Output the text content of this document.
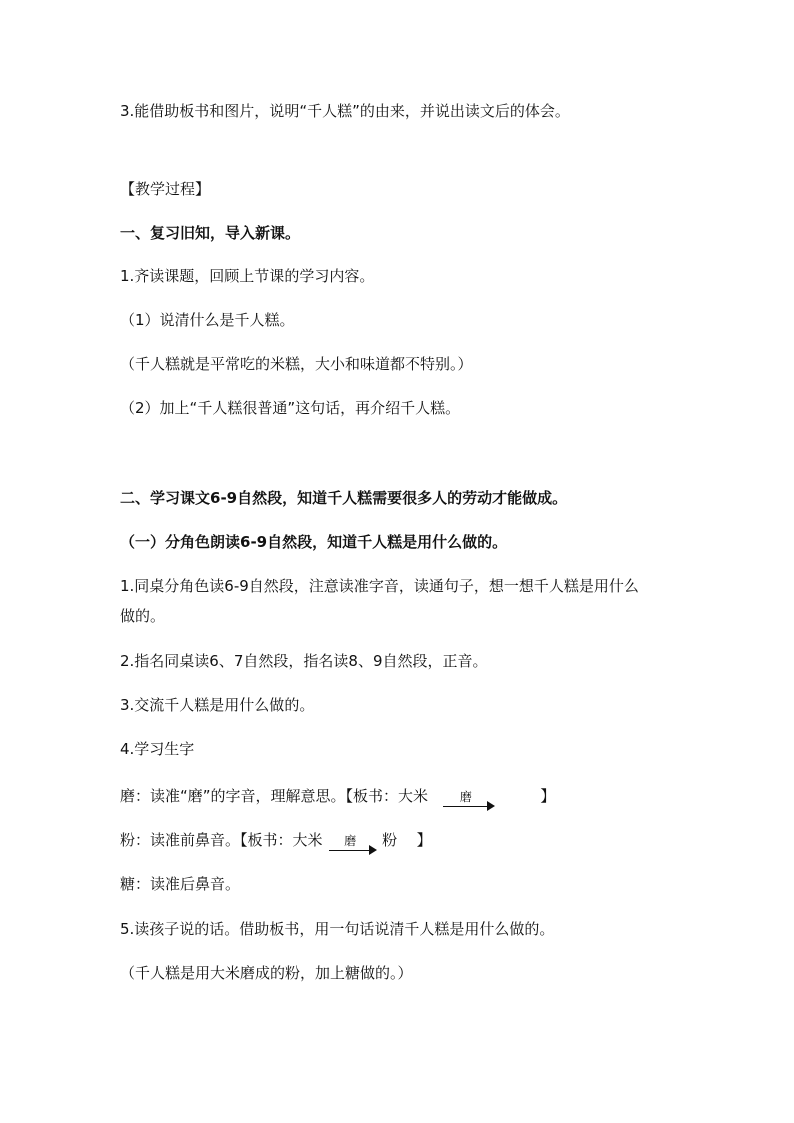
3.能借助板书和图片，说明“千人糕”的由来，并说出读文后的体会。
【教学过程】
一、复习旧知，导入新课。
1.齐读课题，回顾上节课的学习内容。
（1）说清什么是千人糕。
（千人糕就是平常吃的米糕，大小和味道都不特别。）
（2）加上“千人糕很普通”这句话，再介绍千人糕。
二、学习课文6-9自然段，知道千人糕需要很多人的劳动才能做成。
（一）分角色朗读6-9自然段，知道千人糕是用什么做的。
1.同桌分角色读6-9自然段，注意读准字音，读通句子，想一想千人糕是用什么
做的。
2.指名同桌读6、7自然段，指名读8、9自然段，正音。
3.交流千人糕是用什么做的。
4.学习生字
磨：读准“磨”的字音，理解意思。【板书：大米	磨	】
粉：读准前鼻音。【板书：大米 磨 粉 】
糖：读准后鼻音。
5.读孩子说的话。借助板书，用一句话说清千人糕是用什么做的。
（千人糕是用大米磨成的粉，加上糖做的。）
